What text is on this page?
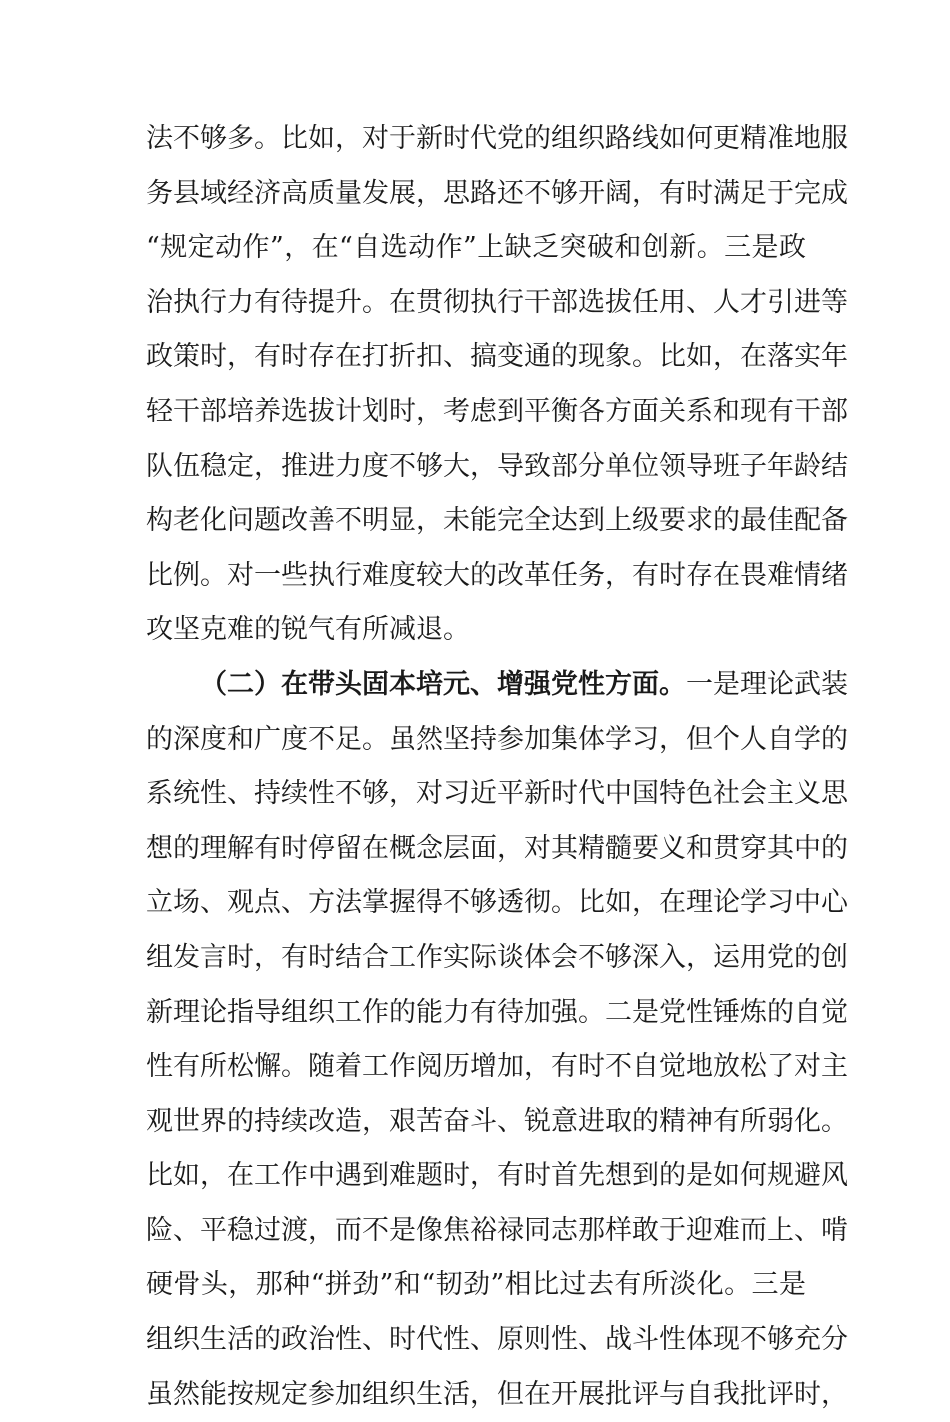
法不够多。比如，对于新时代党的组织路线如何更精准地服
务县域经济高质量发展，思路还不够开阔，有时满足于完成
“规定动作”，在“自选动作”上缺乏突破和创新。三是政
治执行力有待提升。在贯彻执行干部选拔任用、人才引进等
政策时，有时存在打折扣、搞变通的现象。比如，在落实年
轻干部培养选拔计划时，考虑到平衡各方面关系和现有干部
队伍稳定，推进力度不够大，导致部分单位领导班子年龄结
构老化问题改善不明显，未能完全达到上级要求的最佳配备
比例。对一些执行难度较大的改革任务，有时存在畏难情绪
攻坚克难的锐气有所减退。
（二）在带头固本培元、增强党性方面。一是理论武装
的深度和广度不足。虽然坚持参加集体学习，但个人自学的
系统性、持续性不够，对习近平新时代中国特色社会主义思
想的理解有时停留在概念层面，对其精髓要义和贯穿其中的
立场、观点、方法掌握得不够透彻。比如，在理论学习中心
组发言时，有时结合工作实际谈体会不够深入，运用党的创
新理论指导组织工作的能力有待加强。二是党性锤炼的自觉
性有所松懈。随着工作阅历增加，有时不自觉地放松了对主
观世界的持续改造，艰苦奋斗、锐意进取的精神有所弱化。
比如，在工作中遇到难题时，有时首先想到的是如何规避风
险、平稳过渡，而不是像焦裕禄同志那样敢于迎难而上、啃
硬骨头，那种“拼劲”和“韧劲”相比过去有所淡化。三是
组织生活的政治性、时代性、原则性、战斗性体现不够充分
虽然能按规定参加组织生活，但在开展批评与自我批评时，
